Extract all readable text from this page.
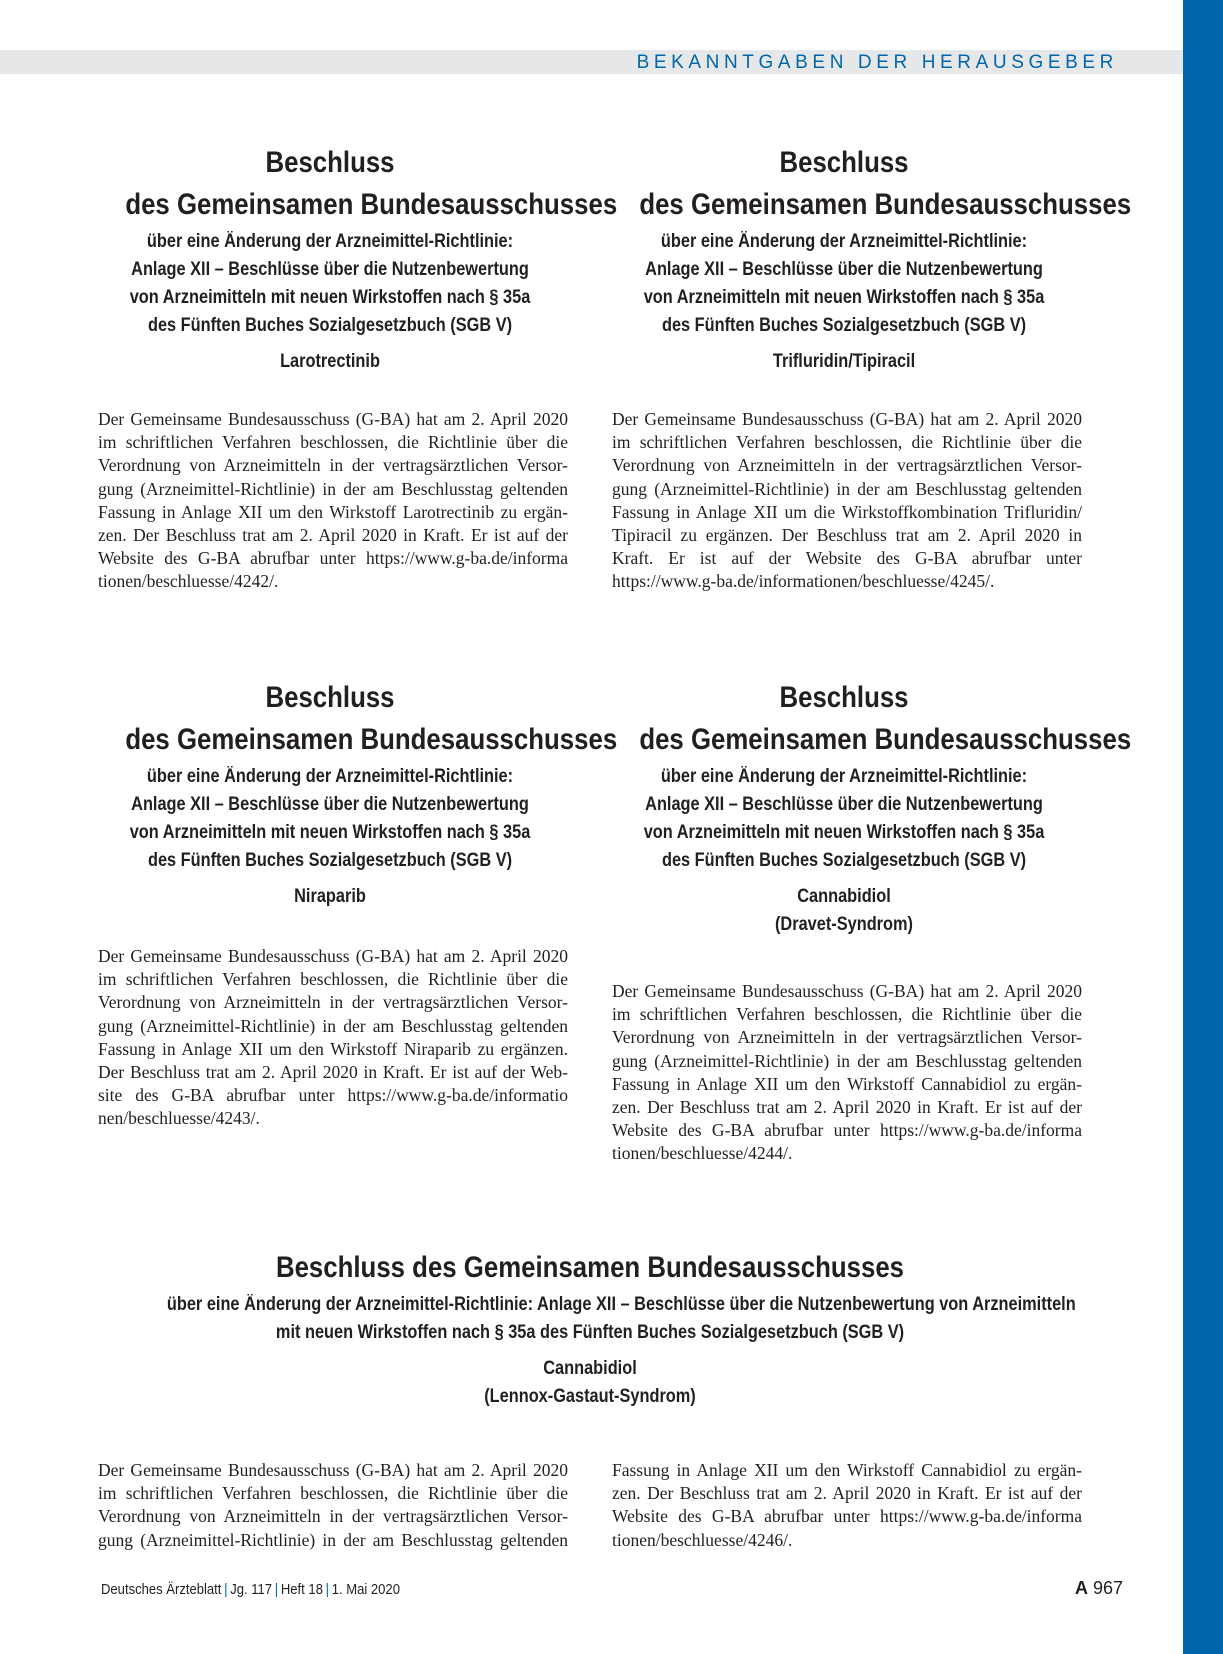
BEKANNTGABEN DER HERAUSGEBER

Beschluss

des Gemeinsamen Bundesausschusses

über eine Änderung der Arzneimittel-Richtlinie:
Anlage XII – Beschlüsse über die Nutzenbewertung
von Arzneimitteln mit neuen Wirkstoffen nach § 35a
des Fünften Buches Sozialgesetzbuch (SGB V)

Larotrectinib

Der Gemeinsame Bundesausschuss (G-BA) hat am 2. April 2020
im schriftlichen Verfahren beschlossen, die Richtlinie über die
Verordnung von Arzneimitteln in der vertragsärztlichen Versor-
gung (Arzneimittel-Richtlinie) in der am Beschlusstag geltenden
Fassung in Anlage XII um den Wirkstoff Larotrectinib zu ergän-
zen. Der Beschluss trat am 2. April 2020 in Kraft. Er ist auf der
Website des G-BA abrufbar unter https://www.g-ba.de/informa
tionen/beschluesse/4242/.

Beschluss

des Gemeinsamen Bundesausschusses

über eine Änderung der Arzneimittel-Richtlinie:
Anlage XII – Beschlüsse über die Nutzenbewertung
von Arzneimitteln mit neuen Wirkstoffen nach § 35a
des Fünften Buches Sozialgesetzbuch (SGB V)

Trifluridin/Tipiracil

Der Gemeinsame Bundesausschuss (G-BA) hat am 2. April 2020
im schriftlichen Verfahren beschlossen, die Richtlinie über die
Verordnung von Arzneimitteln in der vertragsärztlichen Versor-
gung (Arzneimittel-Richtlinie) in der am Beschlusstag geltenden
Fassung in Anlage XII um die Wirkstoffkombination Trifluridin/
Tipiracil zu ergänzen. Der Beschluss trat am 2. April 2020 in
Kraft. Er ist auf der Website des G-BA abrufbar unter
https://www.g-ba.de/informationen/beschluesse/4245/.

Beschluss

des Gemeinsamen Bundesausschusses

über eine Änderung der Arzneimittel-Richtlinie:
Anlage XII – Beschlüsse über die Nutzenbewertung
von Arzneimitteln mit neuen Wirkstoffen nach § 35a
des Fünften Buches Sozialgesetzbuch (SGB V)

Niraparib

Der Gemeinsame Bundesausschuss (G-BA) hat am 2. April 2020
im schriftlichen Verfahren beschlossen, die Richtlinie über die
Verordnung von Arzneimitteln in der vertragsärztlichen Versor-
gung (Arzneimittel-Richtlinie) in der am Beschlusstag geltenden
Fassung in Anlage XII um den Wirkstoff Niraparib zu ergänzen.
Der Beschluss trat am 2. April 2020 in Kraft. Er ist auf der Web-
site des G-BA abrufbar unter https://www.g-ba.de/informatio
nen/beschluesse/4243/.

Beschluss

des Gemeinsamen Bundesausschusses

über eine Änderung der Arzneimittel-Richtlinie:
Anlage XII – Beschlüsse über die Nutzenbewertung
von Arzneimitteln mit neuen Wirkstoffen nach § 35a
des Fünften Buches Sozialgesetzbuch (SGB V)

Cannabidiol
(Dravet-Syndrom)

Der Gemeinsame Bundesausschuss (G-BA) hat am 2. April 2020
im schriftlichen Verfahren beschlossen, die Richtlinie über die
Verordnung von Arzneimitteln in der vertragsärztlichen Versor-
gung (Arzneimittel-Richtlinie) in der am Beschlusstag geltenden
Fassung in Anlage XII um den Wirkstoff Cannabidiol zu ergän-
zen. Der Beschluss trat am 2. April 2020 in Kraft. Er ist auf der
Website des G-BA abrufbar unter https://www.g-ba.de/informa
tionen/beschluesse/4244/.

Beschluss des Gemeinsamen Bundesausschusses

über eine Änderung der Arzneimittel-Richtlinie: Anlage XII – Beschlüsse über die Nutzenbewertung von Arzneimitteln
mit neuen Wirkstoffen nach § 35a des Fünften Buches Sozialgesetzbuch (SGB V)

Cannabidiol
(Lennox-Gastaut-Syndrom)

Der Gemeinsame Bundesausschuss (G-BA) hat am 2. April 2020
im schriftlichen Verfahren beschlossen, die Richtlinie über die
Verordnung von Arzneimitteln in der vertragsärztlichen Versor-
gung (Arzneimittel-Richtlinie) in der am Beschlusstag geltenden
Fassung in Anlage XII um den Wirkstoff Cannabidiol zu ergän-
zen. Der Beschluss trat am 2. April 2020 in Kraft. Er ist auf der
Website des G-BA abrufbar unter https://www.g-ba.de/informa
tionen/beschluesse/4246/.
Deutsches Ärzteblatt | Jg. 117 | Heft 18 | 1. Mai 2020	A 967
